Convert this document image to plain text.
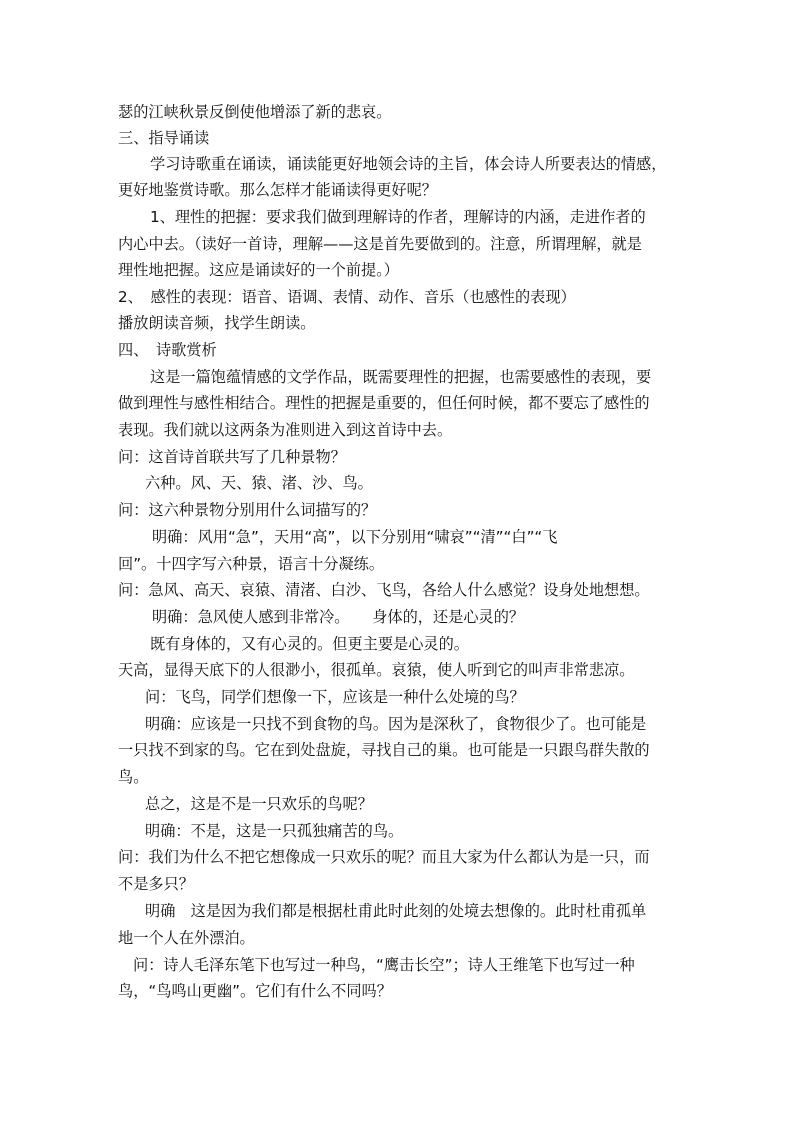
瑟的江峡秋景反倒使他增添了新的悲哀。
三、指导诵读
学习诗歌重在诵读，诵读能更好地领会诗的主旨，体会诗人所要表达的情感，
更好地鉴赏诗歌。那么怎样才能诵读得更好呢？
1、理性的把握：要求我们做到理解诗的作者，理解诗的内涵，走进作者的
内心中去。（读好一首诗，理解——这是首先要做到的。注意，所谓理解，就是
理性地把握。这应是诵读好的一个前提。）
2、　感性的表现：语音、语调、表情、动作、音乐（也感性的表现）
播放朗读音频，找学生朗读。
四、　诗歌赏析
这是一篇饱蕴情感的文学作品，既需要理性的把握，也需要感性的表现，要
做到理性与感性相结合。理性的把握是重要的，但任何时候，都不要忘了感性的
表现。我们就以这两条为准则进入到这首诗中去。
问：这首诗首联共写了几种景物？
六种。风、天、猿、渚、沙、鸟。
问：这六种景物分别用什么词描写的？
明确：风用“急”，天用“高”，以下分别用“啸哀”“清”“白”“飞
回”。十四字写六种景，语言十分凝练。
问：急风、高天、哀猿、清渚、白沙、飞鸟，各给人什么感觉？设身处地想想。
明确：急风使人感到非常冷。　　身体的，还是心灵的？
既有身体的，又有心灵的。但更主要是心灵的。
天高，显得天底下的人很渺小，很孤单。哀猿，使人听到它的叫声非常悲凉。
问：飞鸟，同学们想像一下，应该是一种什么处境的鸟？
明确：应该是一只找不到食物的鸟。因为是深秋了，食物很少了。也可能是
一只找不到家的鸟。它在到处盘旋，寻找自己的巢。也可能是一只跟鸟群失散的
鸟。
总之，这是不是一只欢乐的鸟呢？
明确：不是，这是一只孤独痛苦的鸟。
问：我们为什么不把它想像成一只欢乐的呢？而且大家为什么都认为是一只，而
不是多只？
明确　这是因为我们都是根据杜甫此时此刻的处境去想像的。此时杜甫孤单
地一个人在外漂泊。
问：诗人毛泽东笔下也写过一种鸟，“鹰击长空”；诗人王维笔下也写过一种
鸟，“鸟鸣山更幽”。它们有什么不同吗？
